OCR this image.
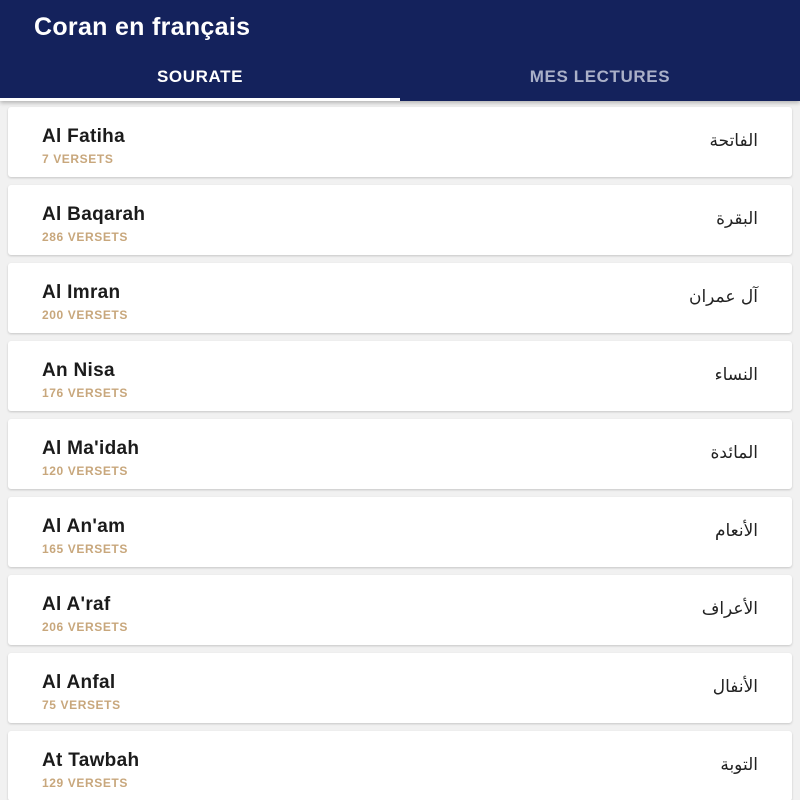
Coran en français
SOURATE	MES LECTURES
Al Fatiha
7 VERSETS
الفاتحة
Al Baqarah
286 VERSETS
البقرة
Al Imran
200 VERSETS
آل عمران
An Nisa
176 VERSETS
النساء
Al Ma'idah
120 VERSETS
المائدة
Al An'am
165 VERSETS
الأنعام
Al A'raf
206 VERSETS
الأعراف
Al Anfal
75 VERSETS
الأنفال
At Tawbah
129 VERSETS
التوبة
